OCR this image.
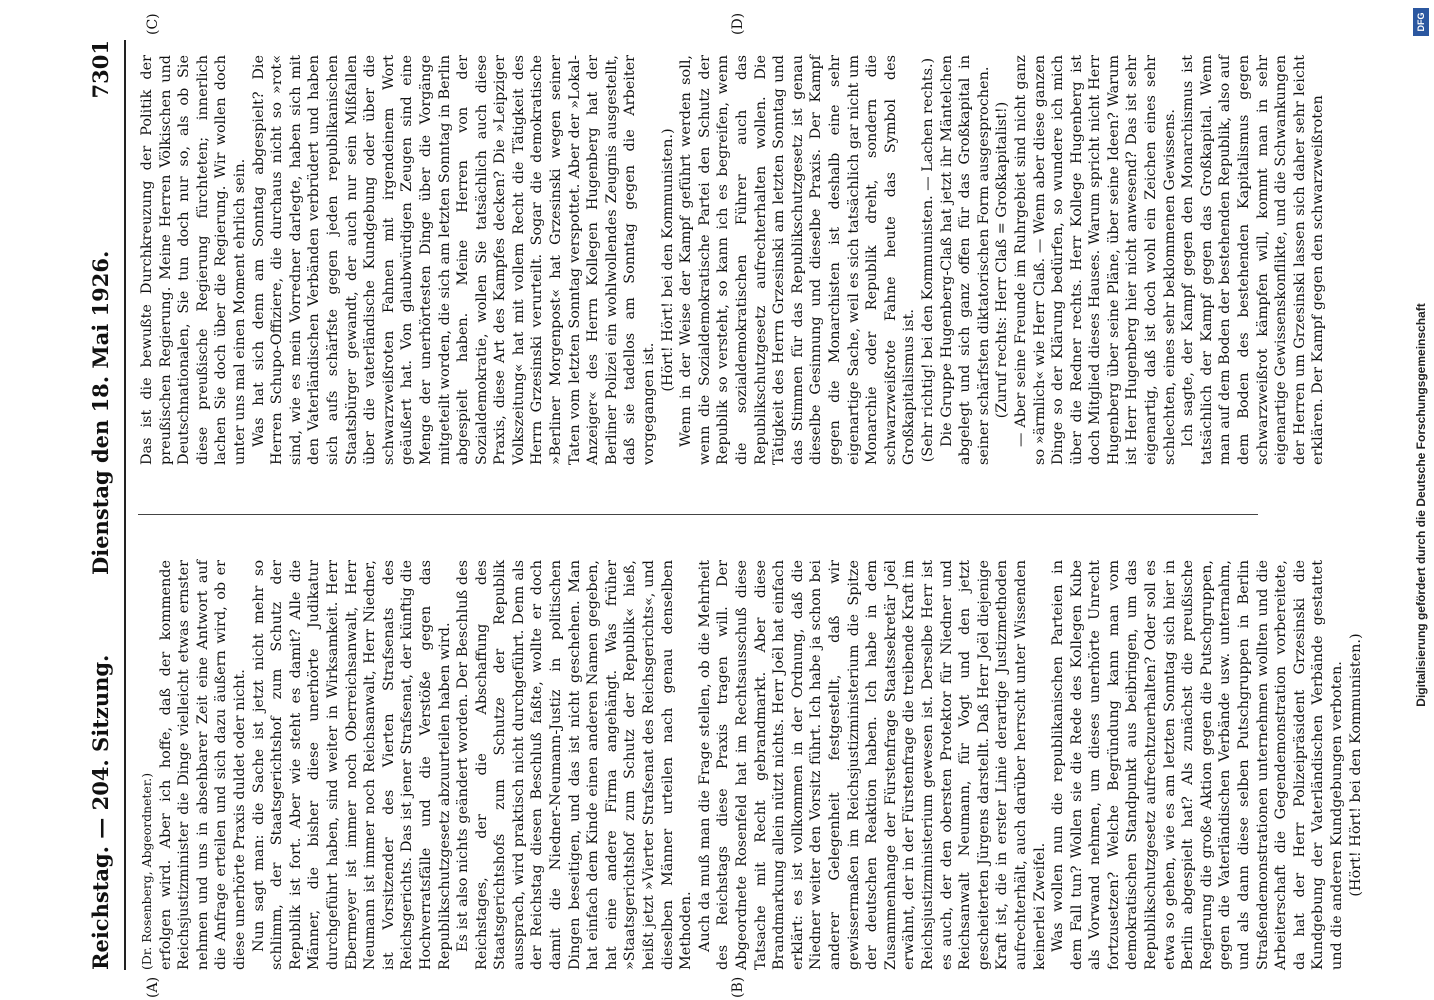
Reichstag. — 204. Sitzung.
Dienstag den 18. Mai 1926.
7301
(A)	(B)
(C)	(D)

(Dr. Rosenberg, Abgeordneter.) erfolgen wird. Aber ich hoffe, daß der kommende Reichsjustizminister die Dinge vielleicht etwas ernster nehmen und uns in absehbarer Zeit eine Antwort auf die Anfrage erteilen und sich dazu äußern wird, ob er diese unerhörte Praxis duldet oder nicht. Nun sagt man: die Sache ist jetzt nicht mehr so schlimm, der Staatsgerichtshof zum Schutz der Republik ist fort. Aber wie steht es damit? Alle die Männer, die bisher diese unerhörte Judikatur durchgeführt haben, sind weiter in Wirksamkeit. Herr Ebermeyer ist immer noch Oberreichsanwalt, Herr Neumann ist immer noch Reichsanwalt, Herr Niedner, ist Vorsitzender des Vierten Strafsenats des Reichsgerichts. Das ist jener Strafsenat, der künftig die Hochverratsfälle und die Verstöße gegen das Republikschutzgesetz abzuurteilen haben wird. Es ist also nichts geändert worden. Der Beschluß des Reichstages, der die Abschaffung des Staatsgerichtshofs zum Schutze der Republik aussprach, wird praktisch nicht durchgeführt. Denn als der Reichstag diesen Beschluß faßte, wollte er doch damit die Niedner-Neumann-Justiz in politischen Dingen beseitigen, und das ist nicht geschehen. Man hat einfach dem Kinde einen anderen Namen gegeben, hat eine andere Firma angehängt. Was früher »Staatsgerichtshof zum Schutz der Republik« hieß, heißt jetzt »Vierter Strafsenat des Reichsgerichts«, und dieselben Männer urteilen nach genau denselben Methoden. Auch da muß man die Frage stellen, ob die Mehrheit des Reichstags diese Praxis tragen will. Der Abgeordnete Rosenfeld hat im Rechtsausschuß diese Tatsache mit Recht gebrandmarkt. Aber diese Brandmarkung allein nützt nichts. Herr Joël hat einfach erklärt: es ist vollkommen in der Ordnung, daß die Niedner weiter den Vorsitz führt. Ich habe ja schon bei anderer Gelegenheit festgestellt, daß wir gewissermaßen im Reichsjustizministerium die Spitze der deutschen Reaktion haben. Ich habe in dem Zusammenhange der Fürstenfrage Staatssekretär Joël erwähnt, der in der Fürstenfrage die treibende Kraft im Reichsjustizministerium gewesen ist. Derselbe Herr ist es auch, der den obersten Protektor für Niedner und Reichsanwalt Neumann, für Vogt und den jetzt gescheiterten Jürgens darstellt. Daß Herr Joël diejenige Kraft ist, die in erster Linie derartige Justizmethoden aufrechterhält, auch darüber herrscht unter Wissenden keinerlei Zweifel. Was wollen nun die republikanischen Parteien in dem Fall tun? Wollen sie die Rede des Kollegen Kube als Vorwand nehmen, um dieses unerhörte Unrecht fortzusetzen? Welche Begründung kann man vom demokratischen Standpunkt aus beibringen, um das Republikschutzgesetz aufrechtzuerhalten? Oder soll es etwa so gehen, wie es am letzten Sonntag sich hier in Berlin abgespielt hat? Als zunächst die preußische Regierung die große Aktion gegen die Putschgruppen, gegen die Vaterländischen Verbände usw. unternahm, und als dann diese selben Putschgruppen in Berlin Straßendemonstrationen unternehmen wollten und die Arbeiterschaft die Gegendemonstration vorbereitete, da hat der Herr Polizeipräsident Grzesinski die Kundgebung der Vaterländischen Verbände gestattet und die anderen Kundgebungen verboten. (Hört! Hört! bei den Kommunisten.)

Das ist die bewußte Durchkreuzung der Politik der preußischen Regierung. Meine Herren Völkischen und Deutschnationalen, Sie tun doch nur so, als ob Sie diese preußische Regierung fürchteten; innerlich lachen Sie doch über die Regierung. Wir wollen doch unter uns mal einen Moment ehrlich sein. Was hat sich denn am Sonntag abgespielt? Die Herren Schupo-Offiziere, die durchaus nicht so »rot« sind, wie es mein Vorredner darlegte, haben sich mit den Vaterländischen Verbänden verbrüdert und haben sich aufs schärfste gegen jeden republikanischen Staatsbürger gewandt, der auch nur sein Mißfallen über die vaterländische Kundgebung oder über die schwarzweißroten Fahnen mit irgendeinem Wort geäußert hat. Von glaubwürdigen Zeugen sind eine Menge der unerhörtesten Dinge über die Vorgänge mitgeteilt worden, die sich am letzten Sonntag in Berlin abgespielt haben. Meine Herren von der Sozialdemokratie, wollen Sie tatsächlich auch diese Praxis, diese Art des Kampfes decken? Die »Leipziger Volkszeitung« hat mit vollem Recht die Tätigkeit des Herrn Grzesinski verurteilt. Sogar die demokratische »Berliner Morgenpost« hat Grzesinski wegen seiner Taten vom letzten Sonntag verspottet. Aber der »Lokal-Anzeiger« des Herrn Kollegen Hugenberg hat der Berliner Polizei ein wohlwollendes Zeugnis ausgestellt, daß sie tadellos am Sonntag gegen die Arbeiter vorgegangen ist.

(Hört! Hört! bei den Kommunisten.) Wenn in der Weise der Kampf geführt werden soll, wenn die Sozialdemokratische Partei den Schutz der Republik so versteht, so kann ich es begreifen, wenn die sozialdemokratischen Führer auch das Republikschutzgesetz aufrechterhalten wollen. Die Tätigkeit des Herrn Grzesinski am letzten Sonntag und das Stimmen für das Republikschutzgesetz ist genau dieselbe Gesinnung und dieselbe Praxis. Der Kampf gegen die Monarchisten ist deshalb eine sehr eigenartige Sache, weil es sich tatsächlich gar nicht um Monarchie oder Republik dreht, sondern die schwarzweißrote Fahne heute das Symbol des Großkapitalismus ist. (Sehr richtig! bei den Kommunisten. — Lachen rechts.) Die Gruppe Hugenberg-Claß hat jetzt ihr Mäntelchen abgelegt und sich ganz offen für das Großkapital in seiner schärfsten diktatorischen Form ausgesprochen. (Zuruf rechts: Herr Claß = Großkapitalist!) — Aber seine Freunde im Ruhrgebiet sind nicht ganz so »ärmlich« wie Herr Claß. — Wenn aber diese ganzen Dinge so der Klärung bedürfen, so wundere ich mich über die Redner rechts. Herr Kollege Hugenberg ist doch Mitglied dieses Hauses. Warum spricht nicht Herr Hugenberg über seine Pläne, über seine Ideen? Warum ist Herr Hugenberg hier nicht anwesend? Das ist sehr eigenartig, daß ist doch wohl ein Zeichen eines sehr schlechten, eines sehr beklommenen Gewissens. Ich sagte, der Kampf gegen den Monarchismus ist tatsächlich der Kampf gegen das Großkapital. Wenn man auf dem Boden der bestehenden Republik, also auf dem Boden des bestehenden Kapitalismus gegen schwarzweißrot kämpfen will, kommt man in sehr eigenartige Gewissenskonflikte, und die Schwankungen der Herren um Grzesinski lassen sich daher sehr leicht erklären. Der Kampf gegen den schwarzweißroten

DFG
Digitalisierung gefördert durch die Deutsche Forschungsgemeinschaft
